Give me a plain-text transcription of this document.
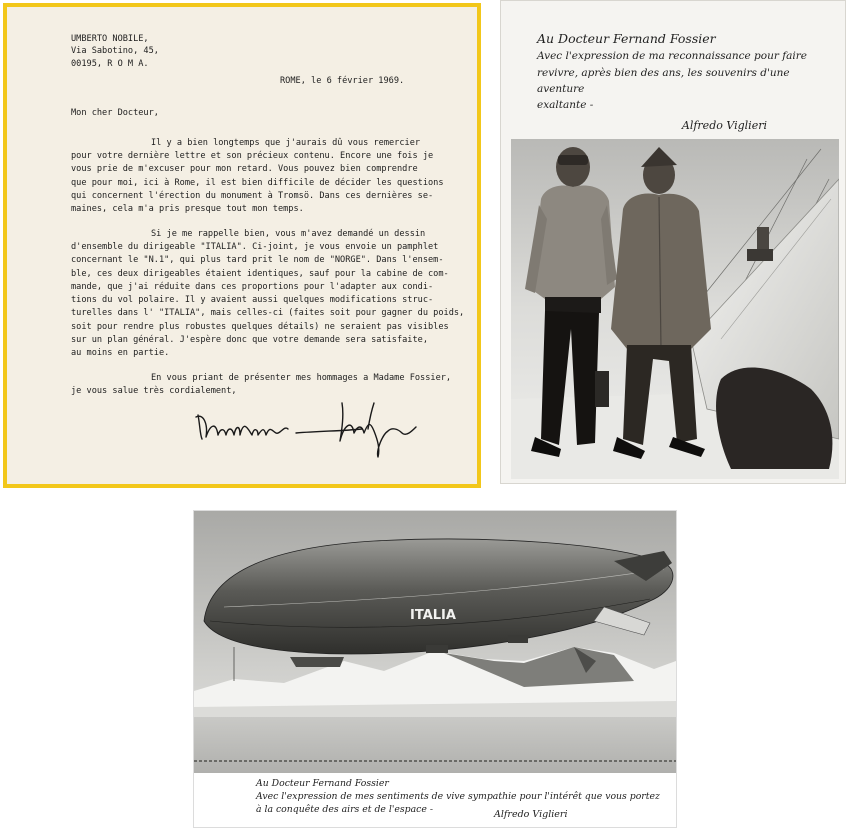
UMBERTO NOBILE,
Via Sabotino, 45,
00195, R O M A.
ROME, le 6 février 1969.
Mon cher Docteur,
Il y a bien longtemps que j'aurais dû vous remercier
pour votre dernière lettre et son précieux contenu. Encore une fois je
vous prie de m'excuser pour mon retard. Vous pouvez bien comprendre
que pour moi, ici à Rome, il est bien difficile de décider les questions
qui concernent l'érection du monument à Tromsö. Dans ces dernières se-
maines, cela m'a pris presque tout mon temps.
Si je me rappelle bien, vous m'avez demandé un dessin
d'ensemble du dirigeable "ITALIA". Ci-joint, je vous envoie un pamphlet
concernant le "N.1", qui plus tard prit le nom de "NORGE". Dans l'ensem-
ble, ces deux dirigeables étaient identiques, sauf pour la cabine de com-
mande, que j'ai réduite dans ces proportions pour l'adapter aux condi-
tions du vol polaire. Il y avaient aussi quelques modifications struc-
turelles dans l' "ITALIA", mais celles-ci (faites soit pour gagner du poids,
soit pour rendre plus robustes quelques détails) ne seraient pas visibles
sur un plan général. J'espère donc que votre demande sera satisfaite,
au moins en partie.
En vous priant de présenter mes hommages a Madame Fossier,
je vous salue très cordialement,
Au Docteur Fernand Fossier
Avec l'expression de ma reconnaissance pour faire
revivre, après bien des ans, les souvenirs d'une aventure
exaltante -
Alfredo Viglieri
ITALIA
Au Docteur Fernand Fossier
Avec l'expression de mes sentiments de vive sympathie pour l'intérêt que vous portez
à la conquête des airs et de l'espace -	Alfredo Viglieri
